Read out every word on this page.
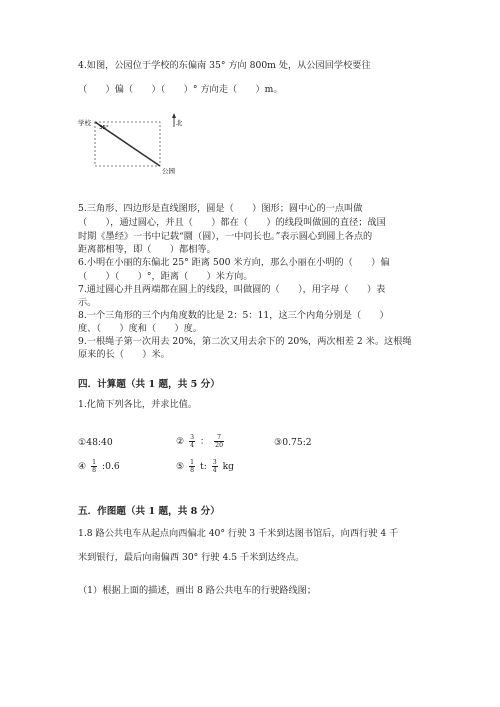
4.如图，公园位于学校的东偏南 35° 方向 800m 处，从公园回学校要往
（　　）偏（　　）（　　）° 方向走（　　）m。
学校
35°
北
公园
5.三角形、四边形是直线图形，圆是（　　）图形；圆中心的一点叫做
（　　），通过圆心，并且（　　）都在（　　）的线段叫做圆的直径；战国
时期《墨经》一书中记载“圜（圆），一中同长也。”表示圆心到圆上各点的
距离都相等，即（　　）都相等。
6.小明在小丽的东偏北 25° 距离 500 米方向，那么小丽在小明的（　　）偏
（　　）（　　）°，距离（　　）米方向。
7.通过圆心并且两端都在圆上的线段，叫做圆的（　　），用字母（　　）表
示。
8.一个三角形的三个内角度数的比是 2：5：11，这三个内角分别是（　　）
度、（　　）度和（　　）度。
9.一根绳子第一次用去 20%，第二次又用去余下的 20%，两次相差 2 米。这根绳
原来的长（　　）米。
四．计算题（共 1 题，共 5 分）
1.化简下列各比，并求比值。
①48:40	② $\frac{3}{4}$ ： $\frac{7}{20}$	③0.75:2
④ $\frac{1}{8}$ :0.6	⑤ $\frac{1}{8} t$: $\frac{3}{4}$ kg
五．作图题（共 1 题，共 8 分）
1.8 路公共电车从起点向西偏北 40° 行驶 3 千米到达图书馆后，向西行驶 4 千
米到银行，最后向南偏西 30° 行驶 4.5 千米到达终点。
（1）根据上面的描述，画出 8 路公共电车的行驶路线图；
